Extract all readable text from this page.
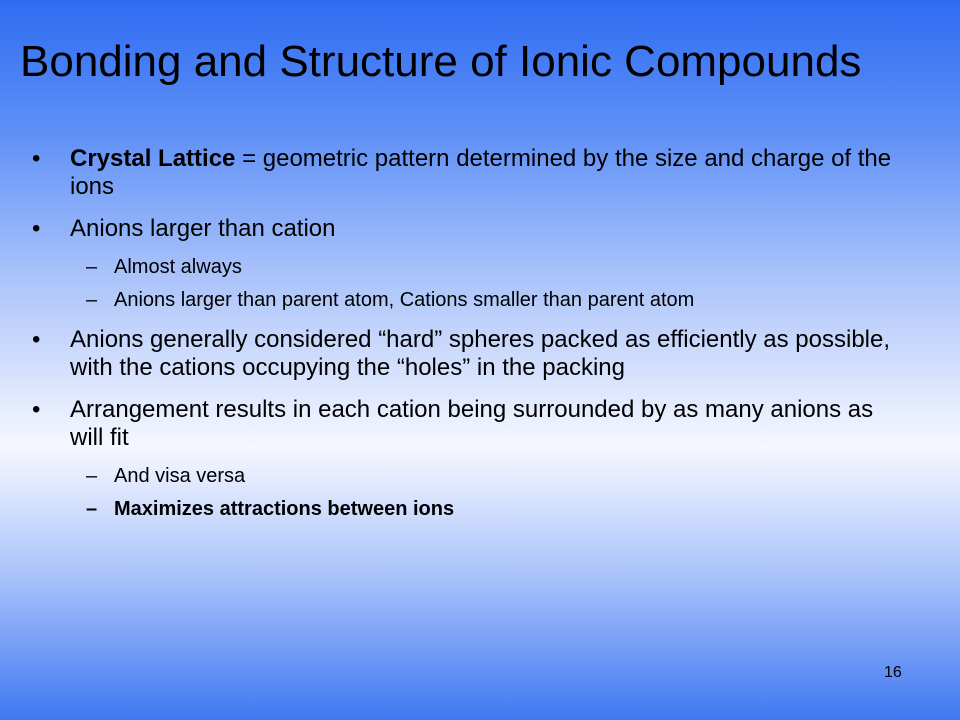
Bonding and Structure of Ionic Compounds
• Crystal Lattice = geometric pattern determined by the size and charge of the ions
• Anions larger than cation
– Almost always
– Anions larger than parent atom, Cations smaller than parent atom
• Anions generally considered “hard” spheres packed as efficiently as possible, with the cations occupying the “holes” in the packing
• Arrangement results in each cation being surrounded by as many anions as will fit
– And visa versa
– Maximizes attractions between ions
16
